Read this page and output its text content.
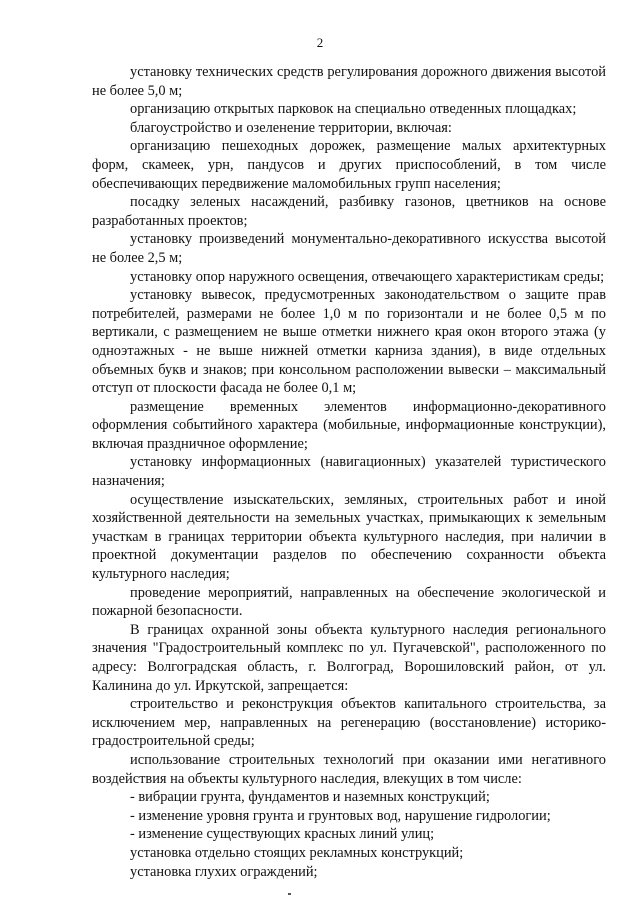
2

установку технических средств регулирования дорожного движения высотой не более 5,0 м;

организацию открытых парковок на специально отведенных площадках;

благоустройство и озеленение территории, включая:

организацию пешеходных дорожек, размещение малых архитектурных форм, скамеек, урн, пандусов и других приспособлений, в том числе обеспечивающих передвижение маломобильных групп населения;

посадку зеленых насаждений, разбивку газонов, цветников на основе разработанных проектов;

установку произведений монументально-декоративного искусства высотой не более 2,5 м;

установку опор наружного освещения, отвечающего характеристикам среды;

установку вывесок, предусмотренных законодательством о защите прав потребителей, размерами не более 1,0 м по горизонтали и не более 0,5 м по вертикали, с размещением не выше отметки нижнего края окон второго этажа (у одноэтажных - не выше нижней отметки карниза здания), в виде отдельных объемных букв и знаков; при консольном расположении вывески – максимальный отступ от плоскости фасада не более 0,1 м;

размещение временных элементов информационно-декоративного оформления событийного характера (мобильные, информационные конструкции), включая праздничное оформление;

установку информационных (навигационных) указателей туристического назначения;

осуществление изыскательских, земляных, строительных работ и иной хозяйственной деятельности на земельных участках, примыкающих к земельным участкам в границах территории объекта культурного наследия, при наличии в проектной документации разделов по обеспечению сохранности объекта культурного наследия;

проведение мероприятий, направленных на обеспечение экологической и пожарной безопасности.

В границах охранной зоны объекта культурного наследия регионального значения "Градостроительный комплекс по ул. Пугачевской", расположенного по адресу: Волгоградская область, г. Волгоград, Ворошиловский район, от ул. Калинина до ул. Иркутской, запрещается:

строительство и реконструкция объектов капитального строительства, за исключением мер, направленных на регенерацию (восстановление) историко-градостроительной среды;

использование строительных технологий при оказании ими негативного воздействия на объекты культурного наследия, влекущих в том числе:

- вибрации грунта, фундаментов и наземных конструкций;

- изменение уровня грунта и грунтовых вод, нарушение гидрологии;

- изменение существующих красных линий улиц;

установка отдельно стоящих рекламных конструкций;

установка глухих ограждений;
